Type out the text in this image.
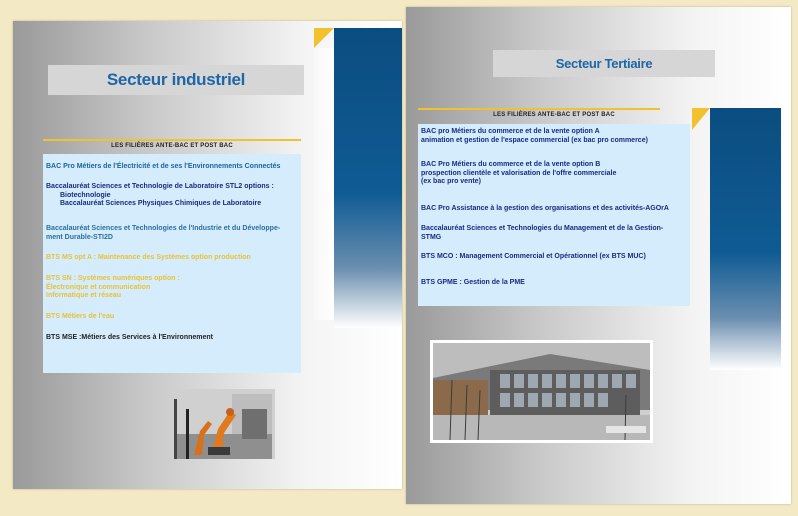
Secteur industriel
LES FILIÈRES ANTE-BAC ET POST BAC
BAC Pro Métiers de l'Électricité et de ses l'Environnements Connectés
Baccalauréat Sciences et Technologie de Laboratoire STL2 options :
Biotechnologie
Baccalauréat Sciences Physiques Chimiques de Laboratoire
Baccalauréat Sciences et Technologies de l'Industrie et du Développe-
ment Durable-STI2D
BTS MS opt A : Maintenance des Systèmes option production
BTS SN : Systèmes numériques option :
Électronique et communication
Informatique et réseau
BTS Métiers de l'eau
BTS MSE :Métiers des Services à l'Environnement
Secteur Tertiaire
LES FILIÈRES ANTE-BAC ET POST BAC
BAC pro Métiers du commerce et de la vente option A
animation et gestion de l'espace commercial (ex bac pro commerce)
BAC Pro Métiers du commerce et de la vente option B
prospection clientèle et valorisation de l'offre commerciale
(ex bac pro vente)
BAC Pro Assistance à la gestion des organisations et des activités-AGOrA
Baccalauréat Sciences et Technologies du Management et de la Gestion-
STMG
BTS MCO : Management Commercial et Opérationnel (ex BTS MUC)
BTS GPME : Gestion de la PME
